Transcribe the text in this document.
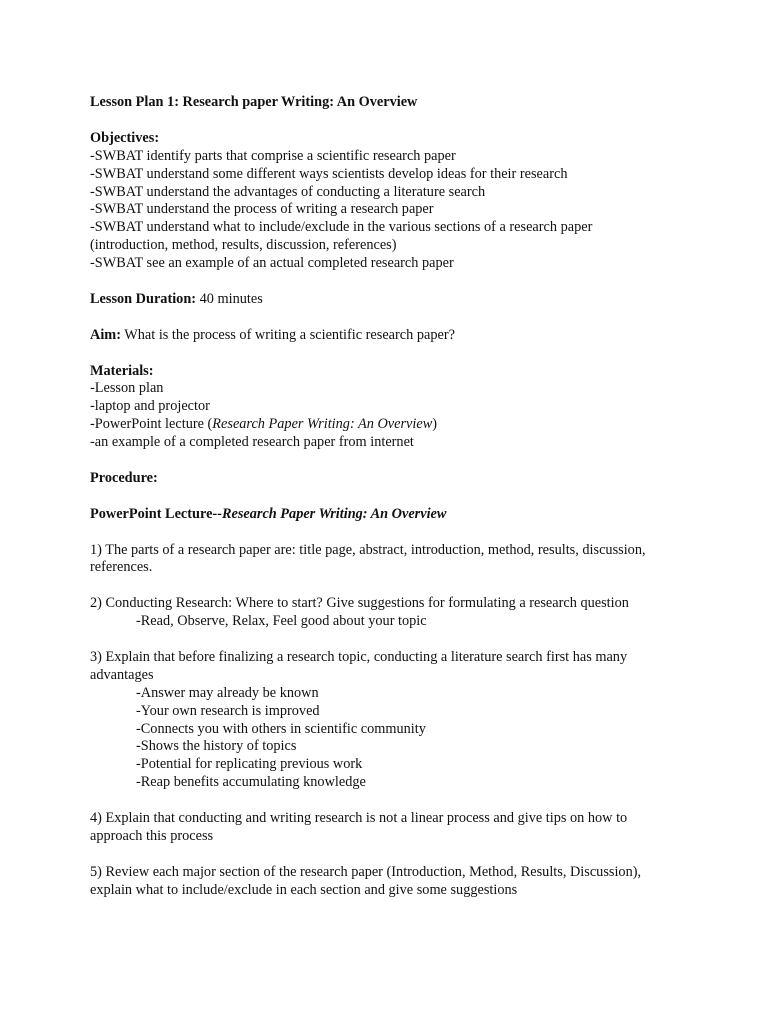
Lesson Plan 1: Research paper Writing: An Overview
Objectives:
-SWBAT identify parts that comprise a scientific research paper
-SWBAT understand some different ways scientists develop ideas for their research
-SWBAT understand the advantages of conducting a literature search
-SWBAT understand the process of writing a research paper
-SWBAT understand what to include/exclude in the various sections of a research paper
(introduction, method, results, discussion, references)
-SWBAT see an example of an actual completed research paper
Lesson Duration: 40 minutes
Aim: What is the process of writing a scientific research paper?
Materials:
-Lesson plan
-laptop and projector
-PowerPoint lecture (Research Paper Writing: An Overview)
-an example of a completed research paper from internet
Procedure:
PowerPoint Lecture--Research Paper Writing: An Overview
1) The parts of a research paper are: title page, abstract, introduction, method, results, discussion,
references.
2) Conducting Research: Where to start? Give suggestions for formulating a research question
-Read, Observe, Relax, Feel good about your topic
3) Explain that before finalizing a research topic, conducting a literature search first has many
advantages
-Answer may already be known
-Your own research is improved
-Connects you with others in scientific community
-Shows the history of topics
-Potential for replicating previous work
-Reap benefits accumulating knowledge
4) Explain that conducting and writing research is not a linear process and give tips on how to
approach this process
5) Review each major section of the research paper (Introduction, Method, Results, Discussion),
explain what to include/exclude in each section and give some suggestions
